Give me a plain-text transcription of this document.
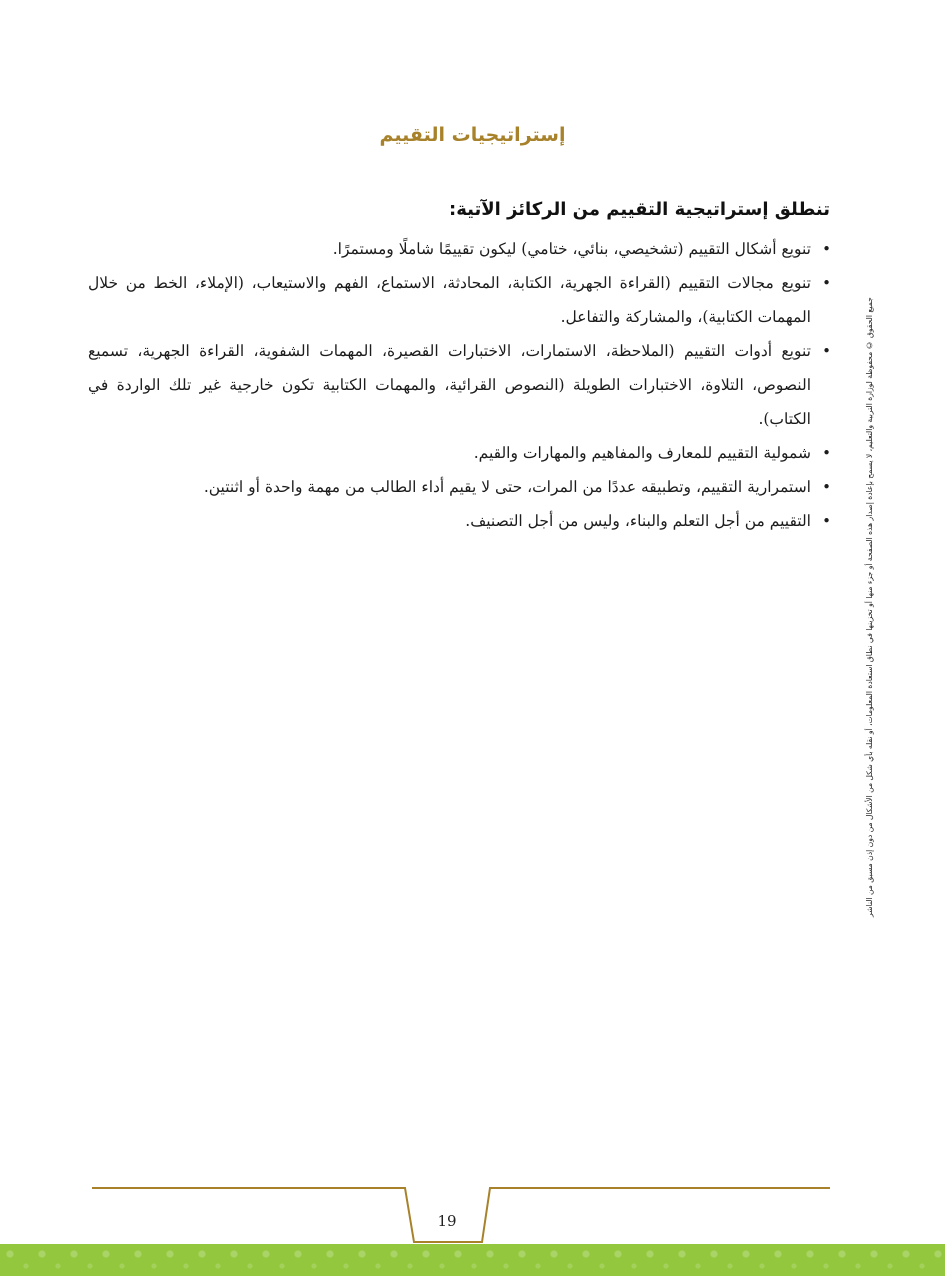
إستراتيجيات التقييم
تنطلق إستراتيجية التقييم من الركائز الآتية:
•
تنويع أشكال التقييم (تشخيصي، بنائي، ختامي) ليكون تقييمًا شاملًا ومستمرًا.
•
تنويع مجالات التقييم (القراءة الجهرية، الكتابة، المحادثة، الاستماع، الفهم والاستيعاب، (الإملاء، الخط من خلال المهمات الكتابية)، والمشاركة والتفاعل.
•
تنويع أدوات التقييم (الملاحظة، الاستمارات، الاختبارات القصيرة، المهمات الشفوية، القراءة الجهرية، تسميع النصوص، التلاوة، الاختبارات الطويلة (النصوص القرائية، والمهمات الكتابية تكون خارجية غير تلك الواردة في الكتاب).
•
شمولية التقييم للمعارف والمفاهيم والمهارات والقيم.
•
استمرارية التقييم، وتطبيقه عددًا من المرات، حتى لا يقيم أداء الطالب من مهمة واحدة أو اثنتين.
•
التقييم من أجل التعلم والبناء، وليس من أجل التصنيف.	جميع الحقوق © محفوظة لوزارة التربية والتعليم، لا يسمح بإعادة إصدار هذه الصفحة أو جزء منها أو تخزينها في نطاق استعادة المعلومات، أو نقله بأي شكل من الأشكال من دون إذن مسبق من الناشر
19
